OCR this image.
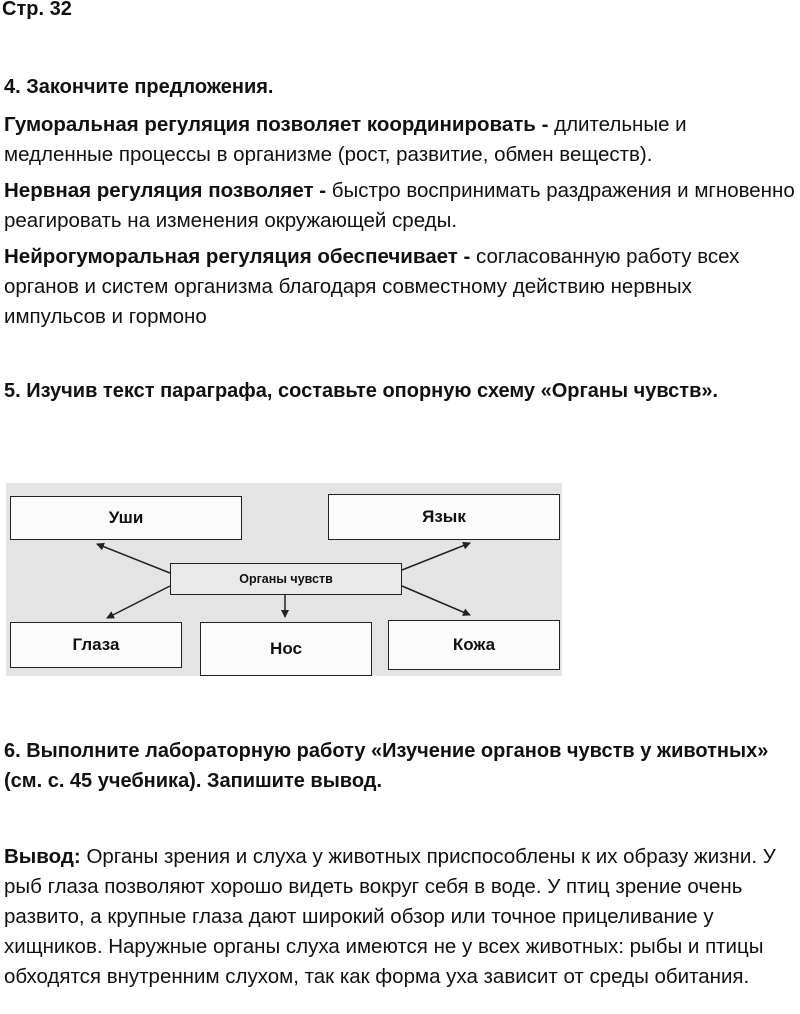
Стр. 32
4. Закончите предложения.
Гуморальная регуляция позволяет координировать - длительные и медленные процессы в организме (рост, развитие, обмен веществ).
Нервная регуляция позволяет - быстро воспринимать раздражения и мгновенно реагировать на изменения окружающей среды.
Нейрогуморальная регуляция обеспечивает - согласованную работу всех органов и систем организма благодаря совместному действию нервных импульсов и гормоно
5. Изучив текст параграфа, составьте опорную схему «Органы чувств».
Уши	Язык
Органы чувств
Глаза	Нос	Кожа
6. Выполните лабораторную работу «Изучение органов чувств у животных» (см. с. 45 учебника). Запишите вывод.
Вывод: Органы зрения и слуха у животных приспособлены к их образу жизни. У рыб глаза позволяют хорошо видеть вокруг себя в воде. У птиц зрение очень развито, а крупные глаза дают широкий обзор или точное прицеливание у хищников. Наружные органы слуха имеются не у всех животных: рыбы и птицы обходятся внутренним слухом, так как форма уха зависит от среды обитания.
